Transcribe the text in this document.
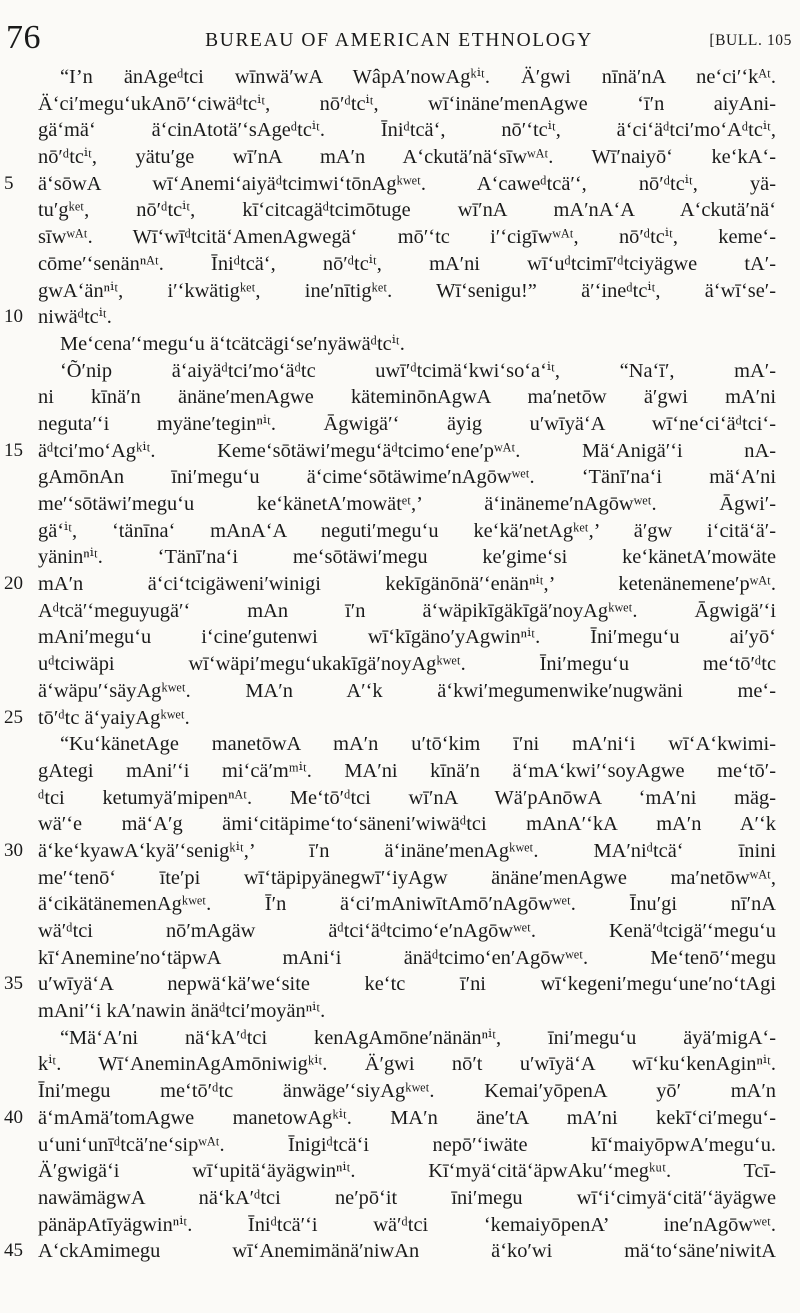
76	BUREAU OF AMERICAN ETHNOLOGY	[BULL. 105
“I’n änAgeᵈtci wīnwä′wA WâpA′nowAgᵏⁱᵗ. Ä′gwi nīnä′nA neʻci′ʻkᴬᵗ.
Äʻci′meguʻukAnō′ʻciwäᵈtcⁱᵗ, nō′ᵈtcⁱᵗ, wīʻinäne′menAgwe ʻī′n aiyAni-
gäʻmäʻ äʻcinAtotä′ʻsAgeᵈtcⁱᵗ. Īniᵈtcäʻ, nō′ʻtcⁱᵗ, äʻciʻäᵈtci′moʻAᵈtcⁱᵗ,
nō′ᵈtcⁱᵗ, yätu′ge wī′nA mA′n Aʻckutä′näʻsīwʷᴬᵗ. Wī′naiyōʻ keʻkAʻ-
5	äʻsōwA wīʻAnemiʻaiyäᵈtcimwiʻtōnAgᵏʷᵉᵗ. Aʻcaweᵈtcä′ʻ, nō′ᵈtcⁱᵗ, yä-
tu′gᵏᵉᵗ, nō′ᵈtcⁱᵗ, kīʻcitcagäᵈtcimōtuge wī′nA mA′nAʻA Aʻckutä′näʻ
sīwʷᴬᵗ. WīʻwīᵈtcitäʻAmenAgwegäʻ mō′ʻtc i′ʻcigīwʷᴬᵗ, nō′ᵈtcⁱᵗ, kemeʻ-
cōme′ʻsenänⁿᴬᵗ. Īniᵈtcäʻ, nō′ᵈtcⁱᵗ, mA′ni wīʻuᵈtcimī′ᵈtciyägwe tA′-
gwAʻänⁿⁱᵗ, i′ʻkwätigᵏᵉᵗ, ine′nītigᵏᵉᵗ. Wīʻsenigu!” ä′ʻineᵈtcⁱᵗ, äʻwīʻse′-
10 niwäᵈtcⁱᵗ.
Meʻcena′ʻmeguʻu äʻtcätcägiʻse′nyäwäᵈtcⁱᵗ.
ʻÕ′nip äʻaiyäᵈtci′moʻäᵈtc uwī′ᵈtcimäʻkwiʻsoʻaʻⁱᵗ, “Naʻī′, mA′-
ni kīnä′n änäne′menAgwe käteminōnAgwA ma′netōw ä′gwi mA′ni
neguta′ʻi myäne′teginⁿⁱᵗ. Āgwigä′ʻ äyig u′wīyäʻA wīʻneʻciʻäᵈtciʻ-
15 äᵈtci′moʻAgᵏⁱᵗ. Kemeʻsōtäwi′meguʻäᵈtcimoʻene′pʷᴬᵗ. MäʻAnigä′ʻi nA-
gAmōnAn īni′meguʻu äʻcimeʻsōtäwime′nAgōwʷᵉᵗ. ʻTänī′naʻi mäʻA′ni
me′ʻsōtäwi′meguʻu keʻkänetA′mowätᵉᵗ,’ äʻinäneme′nAgōwʷᵉᵗ. Āgwi′-
gäʻⁱᵗ, ʻtänīnaʻ mAnAʻA neguti′meguʻu keʻkä′netAgᵏᵉᵗ,’ ä′gw iʻcitäʻä′-
yäninⁿⁱᵗ. ʻTänī′naʻi meʻsōtäwi′megu ke′gimeʻsi keʻkänetA′mowäte
20 mA′n äʻciʻtcigäweni′winigi kekīgänōnä′ʻenänⁿⁱᵗ,’ ketenänemene′pʷᴬᵗ.
Aᵈtcä′ʻmeguyugä′ʻ mAn ī′n äʻwäpikīgäkīgä′noyAgᵏʷᵉᵗ. Āgwigä′ʻi
mAni′meguʻu iʻcine′gutenwi wīʻkīgäno′yAgwinⁿⁱᵗ. Īni′meguʻu ai′yōʻ
uᵈtciwäpi wīʻwäpi′meguʻukakīgä′noyAgᵏʷᵉᵗ. Īni′meguʻu meʻtō′ᵈtc
äʻwäpu′ʻsäyAgᵏʷᵉᵗ. MA′n A′ʻk äʻkwi′megumenwike′nugwäni meʻ-
25 tō′ᵈtc äʻyaiyAgᵏʷᵉᵗ.
“KuʻkänetAge manetōwA mA′n u′tōʻkim ī′ni mA′niʻi wīʻAʻkwimi-
gAtegi mAni′ʻi miʻcä′mᵐⁱᵗ. MA′ni kīnä′n äʻmAʻkwi′ʻsoyAgwe meʻtō′-
ᵈtci ketumyä′mipenⁿᴬᵗ. Meʻtō′ᵈtci wī′nA Wä′pAnōwA ʻmA′ni mäg-
wä′ʻe mäʻA′g ämiʻcitäpimeʻtoʻsäneni′wiwäᵈtci mAnA′ʻkA mA′n A′ʻk
30 äʻkeʻkyawAʻkyä′ʻsenigᵏⁱᵗ,’ ī′n äʻinäne′menAgᵏʷᵉᵗ. MA′niᵈtcäʻ īnini
me′ʻtenōʻ īte′pi wīʻtäpipyänegwī′ʻiyAgw änäne′menAgwe ma′netōwʷᴬᵗ,
äʻcikätänemenAgᵏʷᵉᵗ. Ī′n äʻci′mAniwītAmō′nAgōwʷᵉᵗ. Īnu′gi nī′nA
wä′ᵈtci nō′mAgäw äᵈtciʻäᵈtcimoʻe′nAgōwʷᵉᵗ. Kenä′ᵈtcigä′ʻmeguʻu
kīʻAnemine′noʻtäpwA mAniʻi änäᵈtcimoʻen′Agōwʷᵉᵗ. Meʻtenō′ʻmegu
35 u′wīyäʻA nepwäʻkä′weʻsite keʻtc ī′ni wīʻkegeni′meguʻune′noʻtAgi
mAni′ʻi kA′nawin änäᵈtci′moyänⁿⁱᵗ.
“MäʻA′ni näʻkA′ᵈtci kenAgAmōne′nänänⁿⁱᵗ, īni′meguʻu äyä′migAʻ-
kⁱᵗ. WīʻAneminAgAmōniwigᵏⁱᵗ. Ä′gwi nō′t u′wīyäʻA wīʻkuʻkenAginⁿⁱᵗ.
Īni′megu meʻtō′ᵈtc änwäge′ʻsiyAgᵏʷᵉᵗ. Kemai′yōpenA yō′ mA′n
40 äʻmAmä′tomAgwe manetowAgᵏⁱᵗ. MA′n äne′tA mA′ni kekīʻci′meguʻ-
uʻuniʻunīᵈtcä′neʻsipʷᴬᵗ. Īnigiᵈtcäʻi nepō′ʻiwäte kīʻmaiyōpwA′meguʻu.
Ä′gwigäʻi wīʻupitäʻäyägwinⁿⁱᵗ. KīʻmyäʻcitäʻäpwAku′ʻmegᵏᵘᵗ. Tcī-
nawämägwA näʻkA′ᵈtci ne′pōʻit īni′megu wīʻiʻcimyäʻcitä′ʻäyägwe
pänäpAtīyägwinⁿⁱᵗ. Īniᵈtcä′ʻi wä′ᵈtci ʻkemaiyōpenA’ ine′nAgōwʷᵉᵗ.
45 AʻckAmimegu wīʻAnemimänä′niwAn äʻko′wi mäʻtoʻsäne′niwitA
